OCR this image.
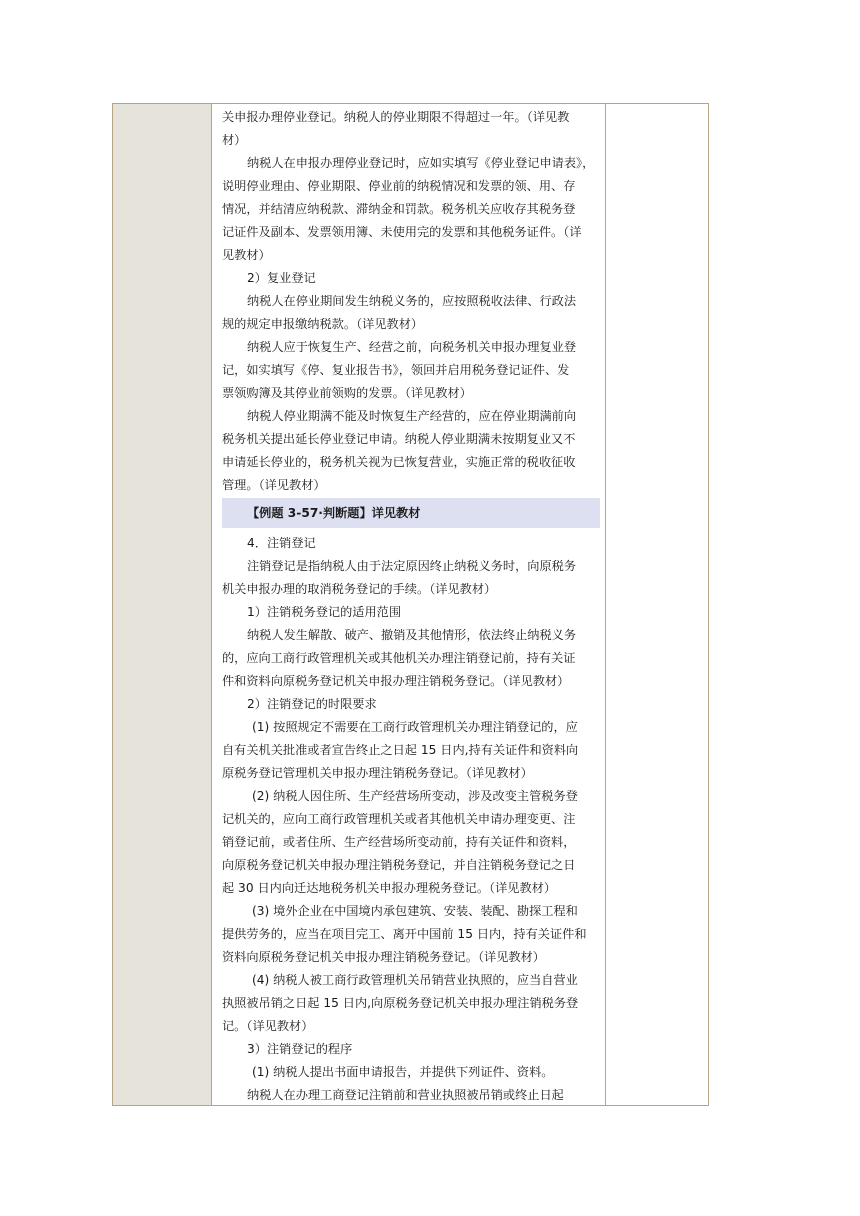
关申报办理停业登记。纳税人的停业期限不得超过一年。（详见教
材）
纳税人在申报办理停业登记时，应如实填写《停业登记申请表》，
说明停业理由、停业期限、停业前的纳税情况和发票的领、用、存
情况，并结清应纳税款、滞纳金和罚款。税务机关应收存其税务登
记证件及副本、发票领用簿、未使用完的发票和其他税务证件。（详
见教材）
2）复业登记
纳税人在停业期间发生纳税义务的，应按照税收法律、行政法
规的规定申报缴纳税款。（详见教材）
纳税人应于恢复生产、经营之前，向税务机关申报办理复业登
记，如实填写《停、复业报告书》，领回并启用税务登记证件、发
票领购簿及其停业前领购的发票。（详见教材）
纳税人停业期满不能及时恢复生产经营的，应在停业期满前向
税务机关提出延长停业登记申请。纳税人停业期满未按期复业又不
申请延长停业的，税务机关视为已恢复营业，实施正常的税收征收
管理。（详见教材）
【例题 3-57·判断题】详见教材
4．注销登记
注销登记是指纳税人由于法定原因终止纳税义务时，向原税务
机关申报办理的取消税务登记的手续。（详见教材）
1）注销税务登记的适用范围
纳税人发生解散、破产、撤销及其他情形，依法终止纳税义务
的，应向工商行政管理机关或其他机关办理注销登记前，持有关证
件和资料向原税务登记机关申报办理注销税务登记。（详见教材）
2）注销登记的时限要求
(1) 按照规定不需要在工商行政管理机关办理注销登记的，应
自有关机关批准或者宣告终止之日起 15 日内,持有关证件和资料向
原税务登记管理机关申报办理注销税务登记。（详见教材）
(2) 纳税人因住所、生产经营场所变动，涉及改变主管税务登
记机关的，应向工商行政管理机关或者其他机关申请办理变更、注
销登记前，或者住所、生产经营场所变动前，持有关证件和资料，
向原税务登记机关申报办理注销税务登记，并自注销税务登记之日
起 30 日内向迁达地税务机关申报办理税务登记。（详见教材）
(3) 境外企业在中国境内承包建筑、安装、装配、勘探工程和
提供劳务的，应当在项目完工、离开中国前 15 日内，持有关证件和
资料向原税务登记机关申报办理注销税务登记。（详见教材）
(4) 纳税人被工商行政管理机关吊销营业执照的，应当自营业
执照被吊销之日起 15 日内,向原税务登记机关申报办理注销税务登
记。（详见教材）
3）注销登记的程序
(1) 纳税人提出书面申请报告，并提供下列证件、资料。
纳税人在办理工商登记注销前和营业执照被吊销或终止日起
